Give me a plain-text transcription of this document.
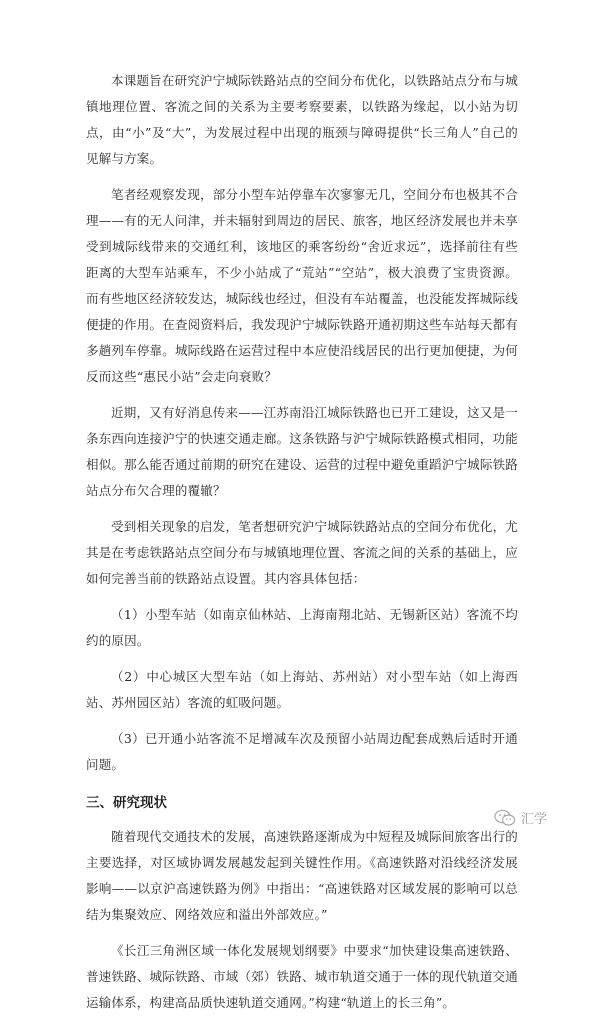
本课题旨在研究沪宁城际铁路站点的空间分布优化，以铁路站点分布与城镇地理位置、客流之间的关系为主要考察要素，以铁路为缘起，以小站为切点，由“小”及“大”，为发展过程中出现的瓶颈与障碍提供“长三角人”自己的见解与方案。

笔者经观察发现，部分小型车站停靠车次寥寥无几，空间分布也极其不合理——有的无人问津，并未辐射到周边的居民、旅客，地区经济发展也并未享受到城际线带来的交通红利，该地区的乘客纷纷“舍近求远”，选择前往有些距离的大型车站乘车，不少小站成了“荒站”“空站”，极大浪费了宝贵资源。而有些地区经济较发达，城际线也经过，但没有车站覆盖，也没能发挥城际线便捷的作用。在查阅资料后，我发现沪宁城际铁路开通初期这些车站每天都有多趟列车停靠。城际线路在运营过程中本应使沿线居民的出行更加便捷，为何反而这些“惠民小站”会走向衰败？

近期，又有好消息传来——江苏南沿江城际铁路也已开工建设，这又是一条东西向连接沪宁的快速交通走廊。这条铁路与沪宁城际铁路模式相同，功能相似。那么能否通过前期的研究在建设、运营的过程中避免重蹈沪宁城际铁路站点分布欠合理的覆辙？

受到相关现象的启发，笔者想研究沪宁城际铁路站点的空间分布优化，尤其是在考虑铁路站点空间分布与城镇地理位置、客流之间的关系的基础上，应如何完善当前的铁路站点设置。其内容具体包括：

（1）小型车站（如南京仙林站、上海南翔北站、无锡新区站）客流不均约的原因。

（2）中心城区大型车站（如上海站、苏州站）对小型车站（如上海西站、苏州园区站）客流的虹吸问题。

（3）已开通小站客流不足增减车次及预留小站周边配套成熟后适时开通问题。

三、研究现状

随着现代交通技术的发展，高速铁路逐渐成为中短程及城际间旅客出行的主要选择，对区域协调发展越发起到关键性作用。《高速铁路对沿线经济发展影响——以京沪高速铁路为例》中指出：“高速铁路对区域发展的影响可以总结为集聚效应、网络效应和溢出外部效应。”

《长江三角洲区域一体化发展规划纲要》中要求“加快建设集高速铁路、普速铁路、城际铁路、市域（郊）铁路、城市轨道交通于一体的现代轨道交通运输体系，构建高品质快速轨道交通网。”构建“轨道上的长三角”。

汇学
